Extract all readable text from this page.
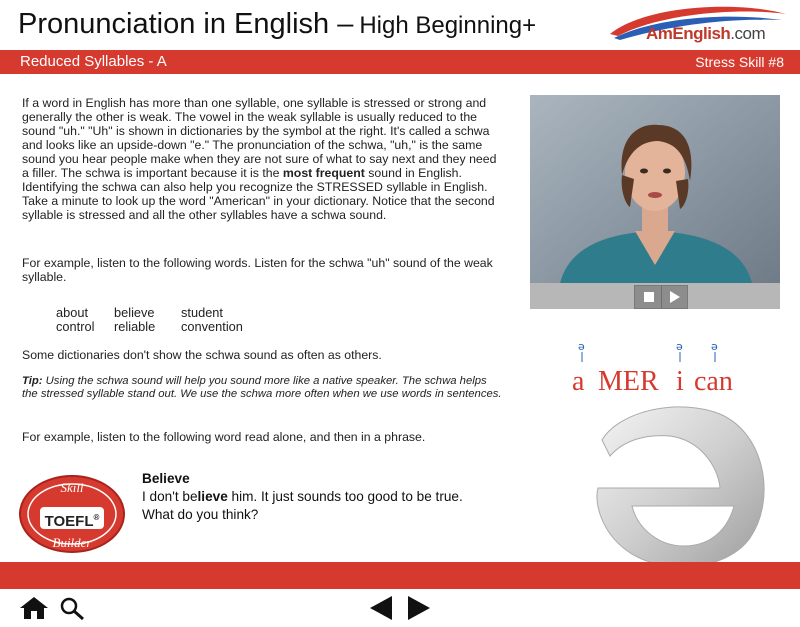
Pronunciation in English – High Beginning+	AmEnglish.com
Reduced Syllables - A	Stress Skill #8

If a word in English has more than one syllable, one syllable is stressed or strong and generally the other is weak. The vowel in the weak syllable is usually reduced to the sound "uh." "Uh" is shown in dictionaries by the symbol at the right. It's called a schwa and looks like an upside-down "e." The pronunciation of the schwa, "uh," is the same sound you hear people make when they are not sure of what to say next and they need a filler. The schwa is important because it is the most frequent sound in English. Identifying the schwa can also help you recognize the STRESSED syllable in English. Take a minute to look up the word "American" in your dictionary. Notice that the second syllable is stressed and all the other syllables have a schwa sound.

For example, listen to the following words. Listen for the schwa "uh" sound of the weak syllable.

about believe student
control reliable convention

Some dictionaries don't show the schwa sound as often as others.

Tip: Using the schwa sound will help you sound more like a native speaker. The schwa helps the stressed syllable stand out. We use the schwa more often when we use words in sentences.

For example, listen to the following word read alone, and then in a phrase.

ə	ə	ə
a MER i can
Skill
TOEFL®
Builder
Believe
I don't believe him. It just sounds too good to be true.
What do you think?
